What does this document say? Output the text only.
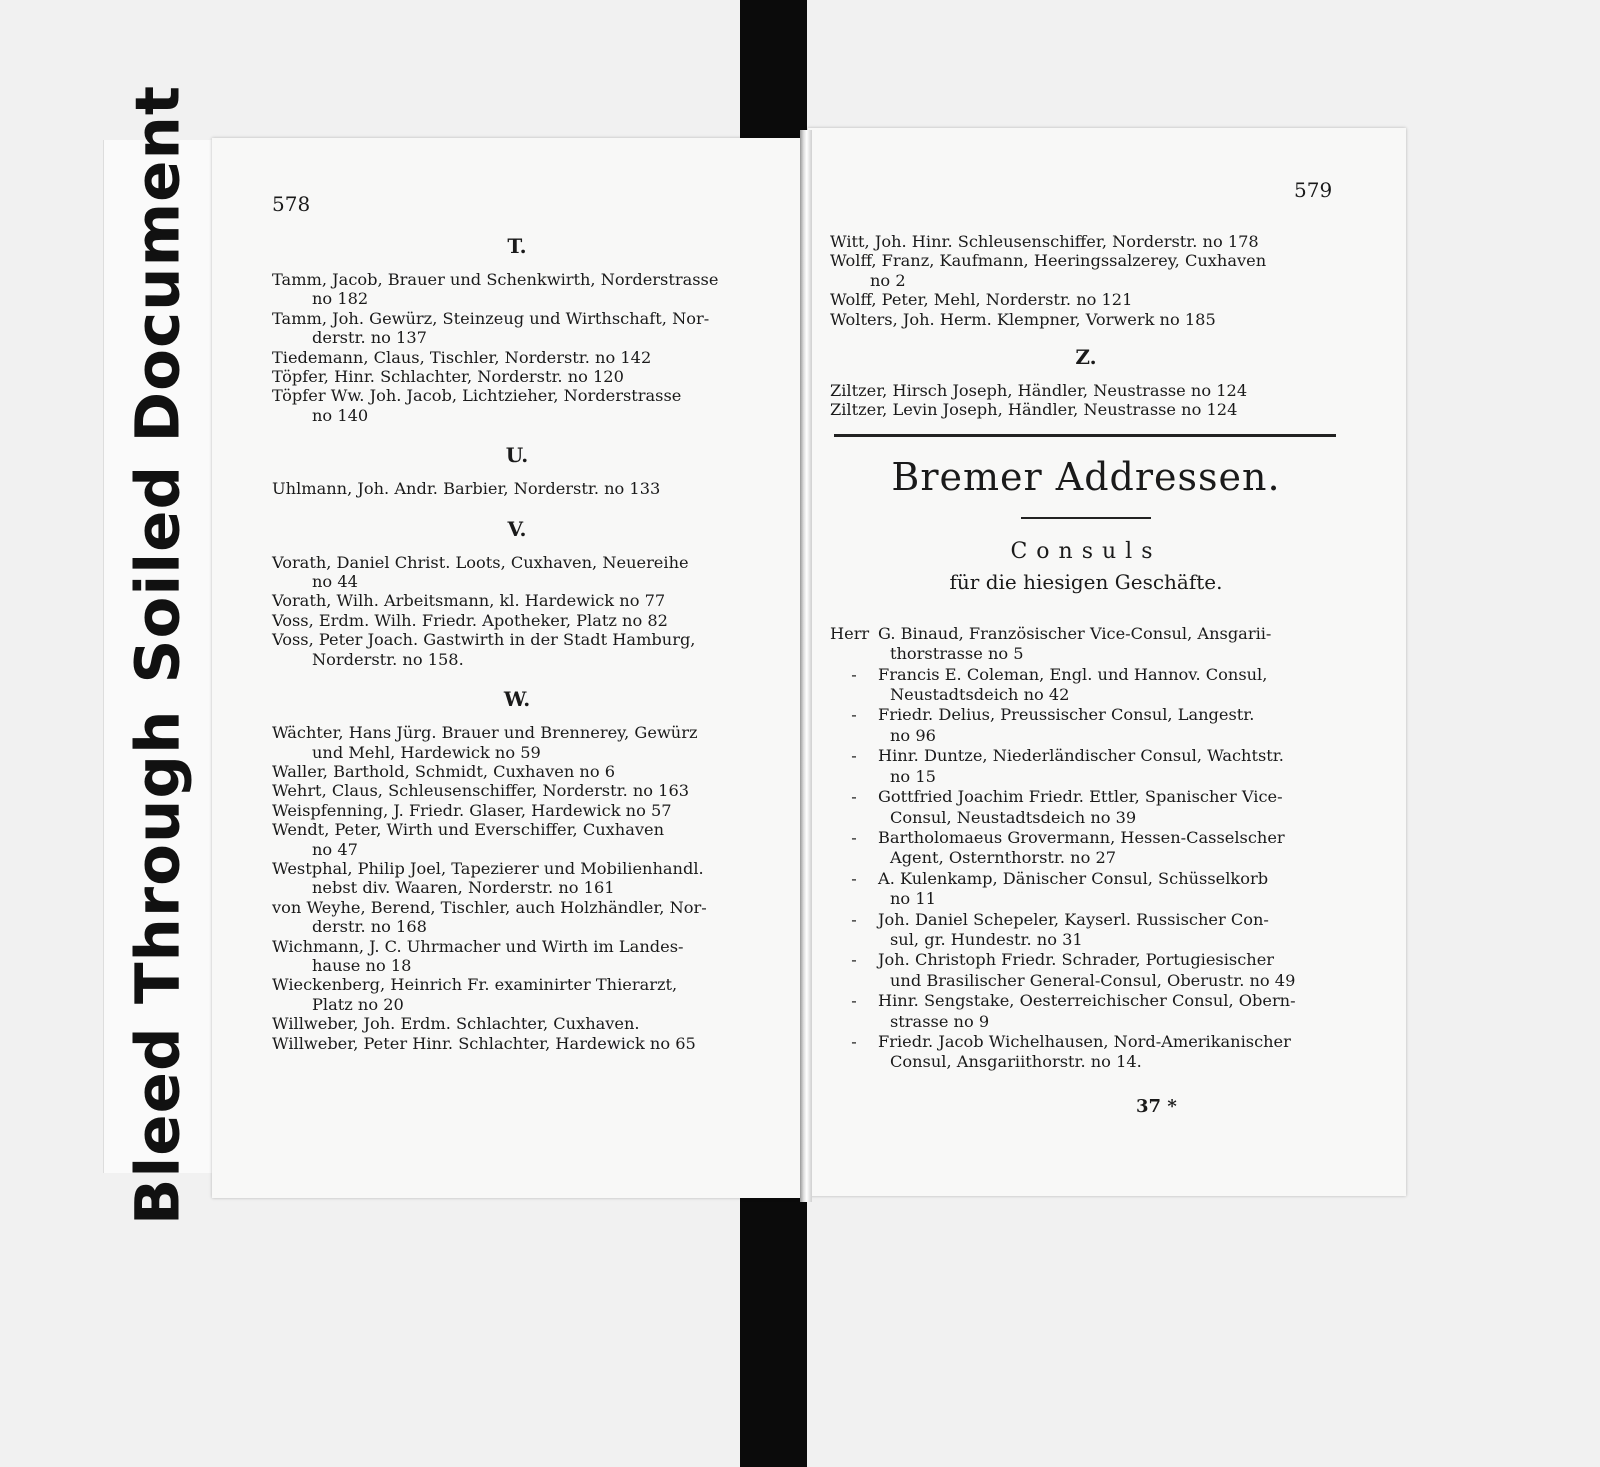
Bleed ThroughSoiled Document	578
T.

Tamm, Jacob, Brauer und Schenkwirth, Norderstrasse
no 182

Tamm, Joh. Gewürz, Steinzeug und Wirthschaft, Nor-
derstr. no 137

Tiedemann, Claus, Tischler, Norderstr. no 142

Töpfer, Hinr. Schlachter, Norderstr. no 120

Töpfer Ww. Joh. Jacob, Lichtzieher, Norderstrasse
no 140

U.

Uhlmann, Joh. Andr. Barbier, Norderstr. no 133

V.

Vorath, Daniel Christ. Loots, Cuxhaven, Neuereihe
no 44

Vorath, Wilh. Arbeitsmann, kl. Hardewick no 77

Voss, Erdm. Wilh. Friedr. Apotheker, Platz no 82

Voss, Peter Joach. Gastwirth in der Stadt Hamburg,
Norderstr. no 158.

W.

Wächter, Hans Jürg. Brauer und Brennerey, Gewürz
und Mehl, Hardewick no 59

Waller, Barthold, Schmidt, Cuxhaven no 6

Wehrt, Claus, Schleusenschiffer, Norderstr. no 163

Weispfenning, J. Friedr. Glaser, Hardewick no 57

Wendt, Peter, Wirth und Everschiffer, Cuxhaven
no 47

Westphal, Philip Joel, Tapezierer und Mobilienhandl.
nebst div. Waaren, Norderstr. no 161

von Weyhe, Berend, Tischler, auch Holzhändler, Nor-
derstr. no 168

Wichmann, J. C. Uhrmacher und Wirth im Landes-
hause no 18

Wieckenberg, Heinrich Fr. examinirter Thierarzt,
Platz no 20

Willweber, Joh. Erdm. Schlachter, Cuxhaven.

Willweber, Peter Hinr. Schlachter, Hardewick no 65

579

Witt, Joh. Hinr. Schleusenschiffer, Norderstr. no 178

Wolff, Franz, Kaufmann, Heeringssalzerey, Cuxhaven
no 2

Wolff, Peter, Mehl, Norderstr. no 121

Wolters, Joh. Herm. Klempner, Vorwerk no 185

Z.

Ziltzer, Hirsch Joseph, Händler, Neustrasse no 124

Ziltzer, Levin Joseph, Händler, Neustrasse no 124

Bremer Addressen.
Consuls
für die hiesigen Geschäfte.

Herr G. Binaud, Französischer Vice-Consul, Ansgarii-
thorstrasse no 5

- Francis E. Coleman, Engl. und Hannov. Consul,
Neustadtsdeich no 42

- Friedr. Delius, Preussischer Consul, Langestr.
no 96

- Hinr. Duntze, Niederländischer Consul, Wachtstr.
no 15

- Gottfried Joachim Friedr. Ettler, Spanischer Vice-
Consul, Neustadtsdeich no 39

- Bartholomaeus Grovermann, Hessen-Casselscher
Agent, Osternthorstr. no 27

- A. Kulenkamp, Dänischer Consul, Schüsselkorb
no 11

- Joh. Daniel Schepeler, Kayserl. Russischer Con-
sul, gr. Hundestr. no 31

- Joh. Christoph Friedr. Schrader, Portugiesischer
und Brasilischer General-Consul, Oberustr. no 49

- Hinr. Sengstake, Oesterreichischer Consul, Obern-
strasse no 9

- Friedr. Jacob Wichelhausen, Nord-Amerikanischer
Consul, Ansgariithorstr. no 14.

37 *
